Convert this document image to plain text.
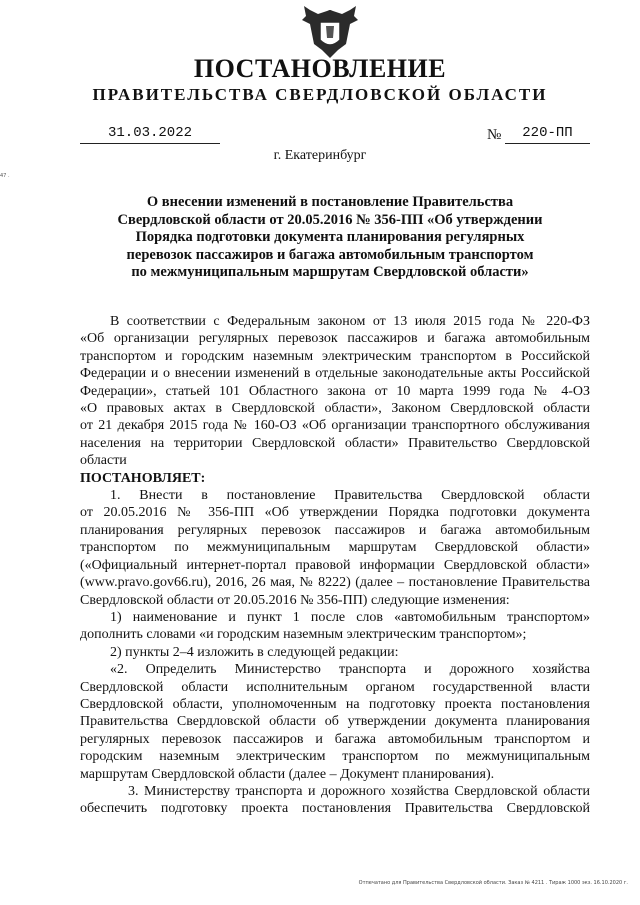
ПОСТАНОВЛЕНИЕ
ПРАВИТЕЛЬСТВА СВЕРДЛОВСКОЙ ОБЛАСТИ
31.03.2022	№	220-ПП
г. Екатеринбург
47 .
О внесении изменений в постановление Правительства
Свердловской области от 20.05.2016 № 356-ПП «Об утверждении
Порядка подготовки документа планирования регулярных
перевозок пассажиров и багажа автомобильным транспортом
по межмуниципальным маршрутам Свердловской области»

В соответствии с Федеральным законом от 13 июля 2015 года № 220-ФЗ

«Об организации регулярных перевозок пассажиров и багажа автомобильным

транспортом и городским наземным электрическим транспортом в Российской

Федерации и о внесении изменений в отдельные законодательные акты Российской

Федерации», статьей 101 Областного закона от 10 марта 1999 года № 4-ОЗ

«О правовых актах в Свердловской области», Законом Свердловской области

от 21 декабря 2015 года № 160-ОЗ «Об организации транспортного обслуживания

населения на территории Свердловской области» Правительство Свердловской

области

ПОСТАНОВЛЯЕТ:

1. Внести в постановление Правительства Свердловской области

от 20.05.2016 № 356-ПП «Об утверждении Порядка подготовки документа

планирования регулярных перевозок пассажиров и багажа автомобильным

транспортом по межмуниципальным маршрутам Свердловской области»

(«Официальный интернет-портал правовой информации Свердловской области»

(www.pravo.gov66.ru), 2016, 26 мая, № 8222) (далее – постановление Правительства

Свердловской области от 20.05.2016 № 356-ПП) следующие изменения:

1) наименование и пункт 1 после слов «автомобильным транспортом»

дополнить словами «и городским наземным электрическим транспортом»;

2) пункты 2–4 изложить в следующей редакции:

«2. Определить Министерство транспорта и дорожного хозяйства

Свердловской области исполнительным органом государственной власти

Свердловской области, уполномоченным на подготовку проекта постановления

Правительства Свердловской области об утверждении документа планирования

регулярных перевозок пассажиров и багажа автомобильным транспортом и

городским наземным электрическим транспортом по межмуниципальным

маршрутам Свердловской области (далее – Документ планирования).

3. Министерству транспорта и дорожного хозяйства Свердловской области

обеспечить подготовку проекта постановления Правительства Свердловской

Отпечатано для Правительства Свердловской области. Заказ № 4211 . Тираж 1000 экз. 16.10.2020 г.
